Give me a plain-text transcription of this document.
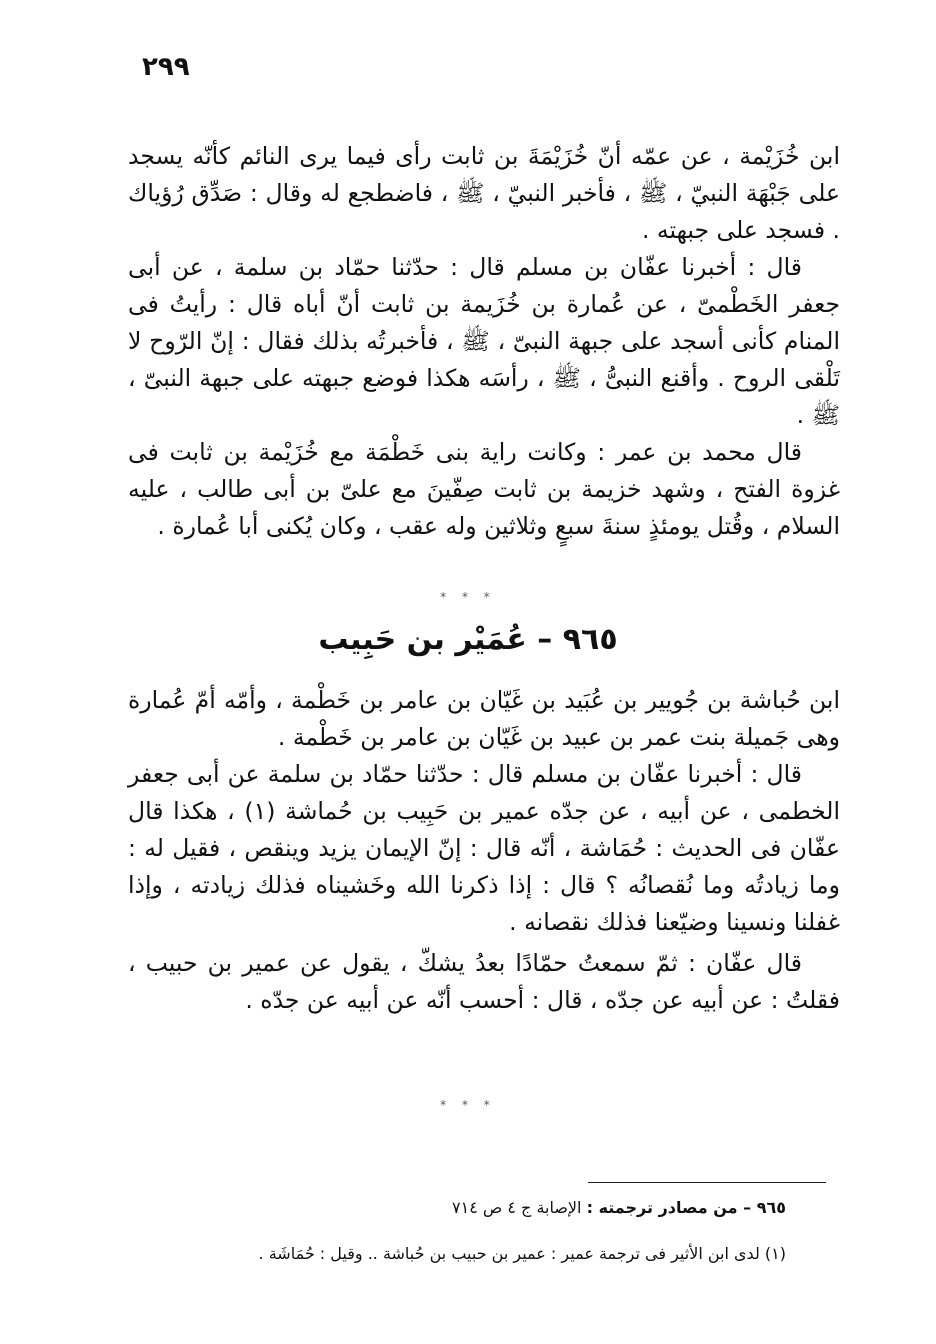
٢٩٩

ابن خُزَيْمة ، عن عمّه أنّ خُزَيْمَةَ بن ثابت رأى فيما يرى النائم كأنّه يسجد على جَبْهَة النبيّ ، ﷺ ، فأخبر النبيّ ، ﷺ ، فاضطجع له وقال : صَدِّق رُؤياك . فسجد على جبهته .

قال : أخبرنا عفّان بن مسلم قال : حدّثنا حمّاد بن سلمة ، عن أبى جعفر الخَطْمىّ ، عن عُمارة بن خُزَيمة بن ثابت أنّ أباه قال : رأيتُ فى المنام كأنى أسجد على جبهة النبىّ ، ﷺ ، فأخبرتُه بذلك فقال : إنّ الرّوح لا تَلْقى الروح . وأقنع النبىُّ ، ﷺ ، رأسَه هكذا فوضع جبهته على جبهة النبىّ ، ﷺ .

قال محمد بن عمر : وكانت راية بنى خَطْمَة مع خُزَيْمة بن ثابت فى غزوة الفتح ، وشهد خزيمة بن ثابت صِفّينَ مع علىّ بن أبى طالب ، عليه السلام ، وقُتل يومئذٍ سنةَ سبعٍ وثلاثين وله عقب ، وكان يُكنى أبا عُمارة .

* * *
٩٦٥ – عُمَيْر بن حَبِيب

ابن حُباشة بن جُويير بن عُبَيد بن غَيّان بن عامر بن خَطْمة ، وأمّه أمّ عُمارة وهى جَميلة بنت عمر بن عبيد بن غَيّان بن عامر بن خَطْمة .

قال : أخبرنا عفّان بن مسلم قال : حدّثنا حمّاد بن سلمة عن أبى جعفر الخطمى ، عن أبيه ، عن جدّه عمير بن حَبِيب بن حُماشة (١) ، هكذا قال عفّان فى الحديث : حُمَاشة ، أنّه قال : إنّ الإيمان يزيد وينقص ، فقيل له : وما زيادتُه وما نُقصانُه ؟ قال : إذا ذكرنا الله وخَشيناه فذلك زيادته ، وإذا غفلنا ونسينا وضيّعنا فذلك نقصانه .

قال عفّان : ثمّ سمعتُ حمّادًا بعدُ يشكّ ، يقول عن عمير بن حبيب ، فقلتُ : عن أبيه عن جدّه ، قال : أحسب أنّه عن أبيه عن جدّه .

* * *
٩٦٥ – من مصادر ترجمته : الإصابة ج ٤ ص ٧١٤
(١) لدى ابن الأثير فى ترجمة عمير : عمير بن حبيب بن حُباشة .. وقيل : حُمَاشَة .
